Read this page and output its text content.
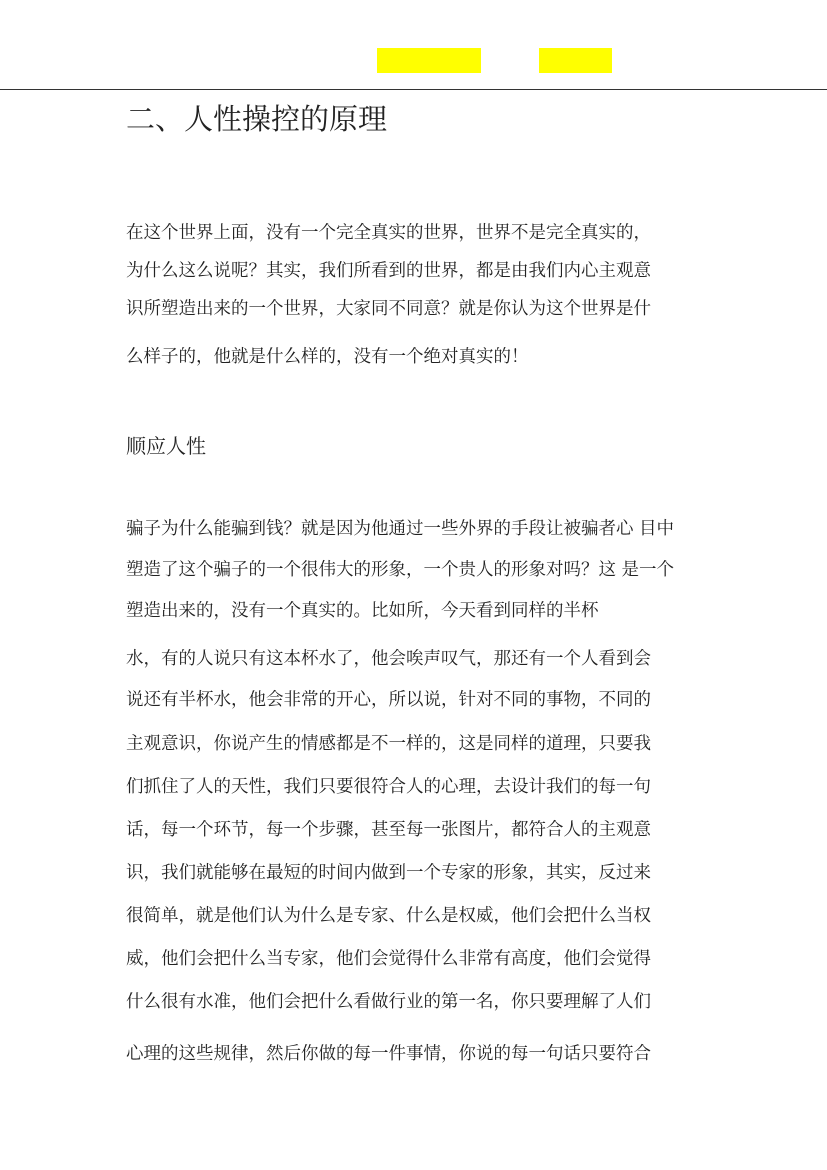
二、人性操控的原理

在这个世界上面，没有一个完全真实的世界，世界不是完全真实的，

为什么这么说呢？其实，我们所看到的世界，都是由我们内心主观意

识所塑造出来的一个世界，大家同不同意？就是你认为这个世界是什

么样子的，他就是什么样的，没有一个绝对真实的！

顺应人性

骗子为什么能骗到钱？就是因为他通过一些外界的手段让被骗者心 目中

塑造了这个骗子的一个很伟大的形象，一个贵人的形象对吗？这 是一个

塑造出来的，没有一个真实的。比如所，今天看到同样的半杯

水，有的人说只有这本杯水了，他会唉声叹气，那还有一个人看到会

说还有半杯水，他会非常的开心，所以说，针对不同的事物，不同的

主观意识，你说产生的情感都是不一样的，这是同样的道理，只要我

们抓住了人的天性，我们只要很符合人的心理，去设计我们的每一句

话，每一个环节，每一个步骤，甚至每一张图片，都符合人的主观意

识，我们就能够在最短的时间内做到一个专家的形象，其实，反过来

很简单，就是他们认为什么是专家、什么是权威，他们会把什么当权

威，他们会把什么当专家，他们会觉得什么非常有高度，他们会觉得

什么很有水准，他们会把什么看做行业的第一名，你只要理解了人们

心理的这些规律，然后你做的每一件事情，你说的每一句话只要符合
